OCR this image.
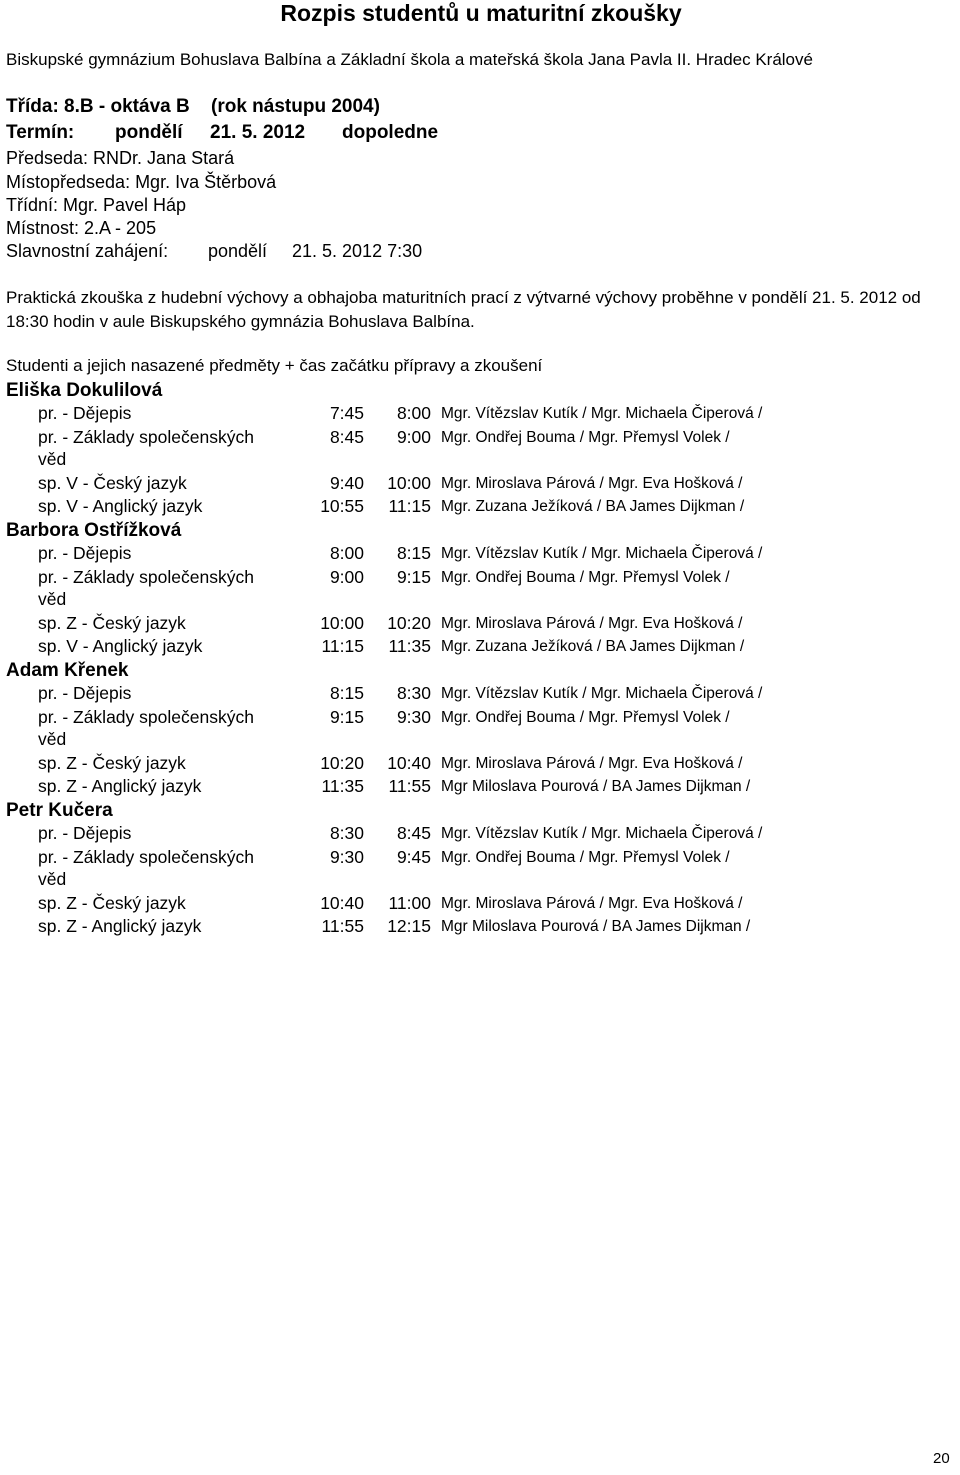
Rozpis studentů u maturitní zkoušky
Biskupské gymnázium Bohuslava Balbína a Základní škola a mateřská škola Jana Pavla II. Hradec Králové
Třída: 8.B - oktáva B (rok nástupu 2004)
Termín: pondělí 21. 5. 2012 dopoledne
Předseda: RNDr. Jana Stará
Místopředseda: Mgr. Iva Štěrbová
Třídní: Mgr. Pavel Háp
Místnost: 2.A - 205
Slavnostní zahájení: pondělí 21. 5. 2012 7:30
Praktická zkouška z hudební výchovy a obhajoba maturitních prací z výtvarné výchovy proběhne v pondělí 21. 5. 2012 od 18:30 hodin v aule Biskupského gymnázia Bohuslava Balbína.
Studenti a jejich nasazené předměty + čas začátku přípravy a zkoušení
Eliška Dokulilová
pr. - Dějepis	7:45	8:00 Mgr. Vítězslav Kutík / Mgr. Michaela Čiperová /
pr. - Základy společenských	8:45	9:00 Mgr. Ondřej Bouma / Mgr. Přemysl Volek /
věd
sp. V - Český jazyk	9:40	10:00 Mgr. Miroslava Párová / Mgr. Eva Hošková /
sp. V - Anglický jazyk	10:55	11:15 Mgr. Zuzana Ježíková / BA James Dijkman /
Barbora Ostřížková
pr. - Dějepis	8:00	8:15 Mgr. Vítězslav Kutík / Mgr. Michaela Čiperová /
pr. - Základy společenských	9:00	9:15 Mgr. Ondřej Bouma / Mgr. Přemysl Volek /
věd
sp. Z - Český jazyk	10:00	10:20 Mgr. Miroslava Párová / Mgr. Eva Hošková /
sp. V - Anglický jazyk	11:15	11:35 Mgr. Zuzana Ježíková / BA James Dijkman /
Adam Křenek
pr. - Dějepis	8:15	8:30 Mgr. Vítězslav Kutík / Mgr. Michaela Čiperová /
pr. - Základy společenských	9:15	9:30 Mgr. Ondřej Bouma / Mgr. Přemysl Volek /
věd
sp. Z - Český jazyk	10:20	10:40 Mgr. Miroslava Párová / Mgr. Eva Hošková /
sp. Z - Anglický jazyk	11:35	11:55 Mgr Miloslava Pourová / BA James Dijkman /
Petr Kučera
pr. - Dějepis	8:30	8:45 Mgr. Vítězslav Kutík / Mgr. Michaela Čiperová /
pr. - Základy společenských	9:30	9:45 Mgr. Ondřej Bouma / Mgr. Přemysl Volek /
věd
sp. Z - Český jazyk	10:40	11:00 Mgr. Miroslava Párová / Mgr. Eva Hošková /
sp. Z - Anglický jazyk	11:55	12:15 Mgr Miloslava Pourová / BA James Dijkman /
20
